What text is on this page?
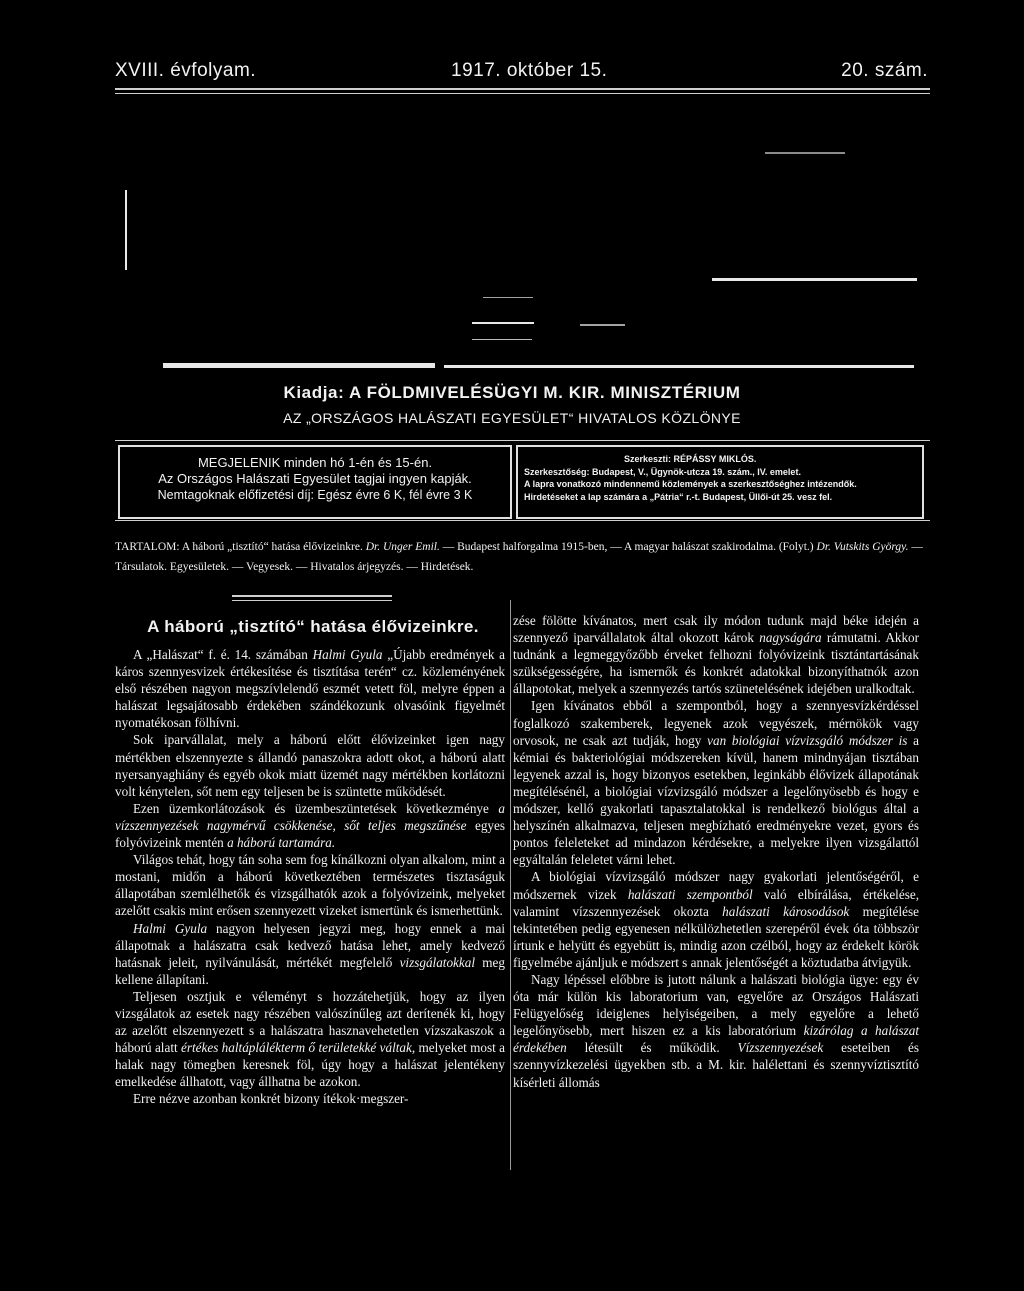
XVIII. évfolyam.	1917. október 15.	20. szám.
Kiadja: A FÖLDMIVELÉSÜGYI M. KIR. MINISZTÉRIUM
AZ „ORSZÁGOS HALÁSZATI EGYESÜLET“ HIVATALOS KÖZLÖNYE
MEGJELENIK minden hó 1-én és 15-én.
Az Országos Halászati Egyesület tagjai ingyen kapják.
Nemtagoknak előfizetési díj: Egész évre 6 K, fél évre 3 K
Szerkeszti: RÉPÁSSY MIKLÓS.
Szerkesztőség: Budapest, V., Ügynök-utcza 19. szám., IV. emelet.
A lapra vonatkozó mindennemű közlemények a szerkesztőséghez intézendők.
Hirdetéseket a lap számára a „Pátria“ r.-t. Budapest, Üllői-út 25. vesz fel.
TARTALOM: A háború „tisztító“ hatása élővizeinkre. Dr. Unger Emil. — Budapest halforgalma 1915-ben, — A magyar halászat szakirodalma. (Folyt.) Dr. Vutskits György. — Társulatok. Egyesületek. — Vegyesek. — Hivatalos árjegyzés. — Hirdetések.
A háború „tisztító“ hatása élővizeinkre.

A „Halászat“ f. é. 14. számában Halmi Gyula „Újabb eredmények a káros szennyesvizek értékesítése és tisztítása terén“ cz. közleményének első részében nagyon megszívlelendő eszmét vetett föl, melyre éppen a halászat legsajátosabb érdekében szándékozunk olvasóink figyelmét nyomatékosan fölhívni.

Sok iparvállalat, mely a háború előtt élővizeinket igen nagy mértékben elszennyezte s állandó panaszokra adott okot, a háború alatt nyersanyaghiány és egyéb okok miatt üzemét nagy mértékben korlátozni volt kénytelen, sőt nem egy teljesen be is szüntette működését.

Ezen üzemkorlátozások és üzembeszüntetések következménye a vízszennyezések nagymérvű csökkenése, sőt teljes megszűnése egyes folyóvizeink mentén a háború tartamára.

Világos tehát, hogy tán soha sem fog kínálkozni olyan alkalom, mint a mostani, midőn a háború következtében természetes tisztaságuk állapotában szemlélhetők és vizsgálhatók azok a folyóvizeink, melyeket azelőtt csakis mint erősen szennyezett vizeket ismertünk és ismerhettünk.

Halmi Gyula nagyon helyesen jegyzi meg, hogy ennek a mai állapotnak a halászatra csak kedvező hatása lehet, amely kedvező hatásnak jeleit, nyilvánulását, mértékét megfelelő vizsgálatokkal meg kellene állapítani.

Teljesen osztjuk e véleményt s hozzátehetjük, hogy az ilyen vizsgálatok az esetek nagy részében valószínűleg azt derítenék ki, hogy az azelőtt elszennyezett s a halászatra hasznavehetetlen vízszakaszok a háború alatt értékes haltáplálékterm ő területekké váltak, melyeket most a halak nagy tömegben keresnek föl, úgy hogy a halászat jelentékeny emelkedése állhatott, vagy állhatna be azokon.

Erre nézve azonban konkrét bizony ítékok·megszer-

zése fölötte kívánatos, mert csak ily módon tudunk majd béke idején a szennyező iparvállalatok által okozott károk nagyságára rámutatni. Akkor tudnánk a legmeggyőzőbb érveket felhozni folyóvizeink tisztántartásának szükségességére, ha ismernők és konkrét adatokkal bizonyíthatnók azon állapotokat, melyek a szennyezés tartós szünetelésének idejében uralkodtak.

Igen kívánatos ebből a szempontból, hogy a szennyesvízkérdéssel foglalkozó szakemberek, legyenek azok vegyészek, mérnökök vagy orvosok, ne csak azt tudják, hogy van biológiai vízvizsgáló módszer is a kémiai és bakteriológiai módszereken kívül, hanem mindnyájan tisztában legyenek azzal is, hogy bizonyos esetekben, leginkább élővizek állapotának megítélésénél, a biológiai vízvizsgáló módszer a legelőnyösebb és hogy e módszer, kellő gyakorlati tapasztalatokkal is rendelkező biológus által a helyszínén alkalmazva, teljesen megbízható eredményekre vezet, gyors és pontos feleleteket ad mindazon kérdésekre, a melyekre ilyen vizsgálattól egyáltalán feleletet várni lehet.

A biológiai vízvizsgáló módszer nagy gyakorlati jelentőségéről, e módszernek vizek halászati szempontból való elbírálása, értékelése, valamint vízszennyezések okozta halászati károsodások megítélése tekintetében pedig egyenesen nélkülözhetetlen szerepéről évek óta többször írtunk e helyütt és egyebütt is, mindig azon czélból, hogy az érdekelt körök figyelmébe ajánljuk e módszert s annak jelentőségét a köztudatba átvigyük.

Nagy lépéssel előbbre is jutott nálunk a halászati biológia ügye: egy év óta már külön kis laboratorium van, egyelőre az Országos Halászati Felügyelőség ideiglenes helyiségeiben, a mely egyelőre a lehető legelőnyösebb, mert hiszen ez a kis laboratórium kizárólag a halászat érdekében létesült és működik. Vízszennyezések eseteiben és szennyvízkezelési ügyekben stb. a M. kir. halélettani és szennyvíztisztító kísérleti állomás
